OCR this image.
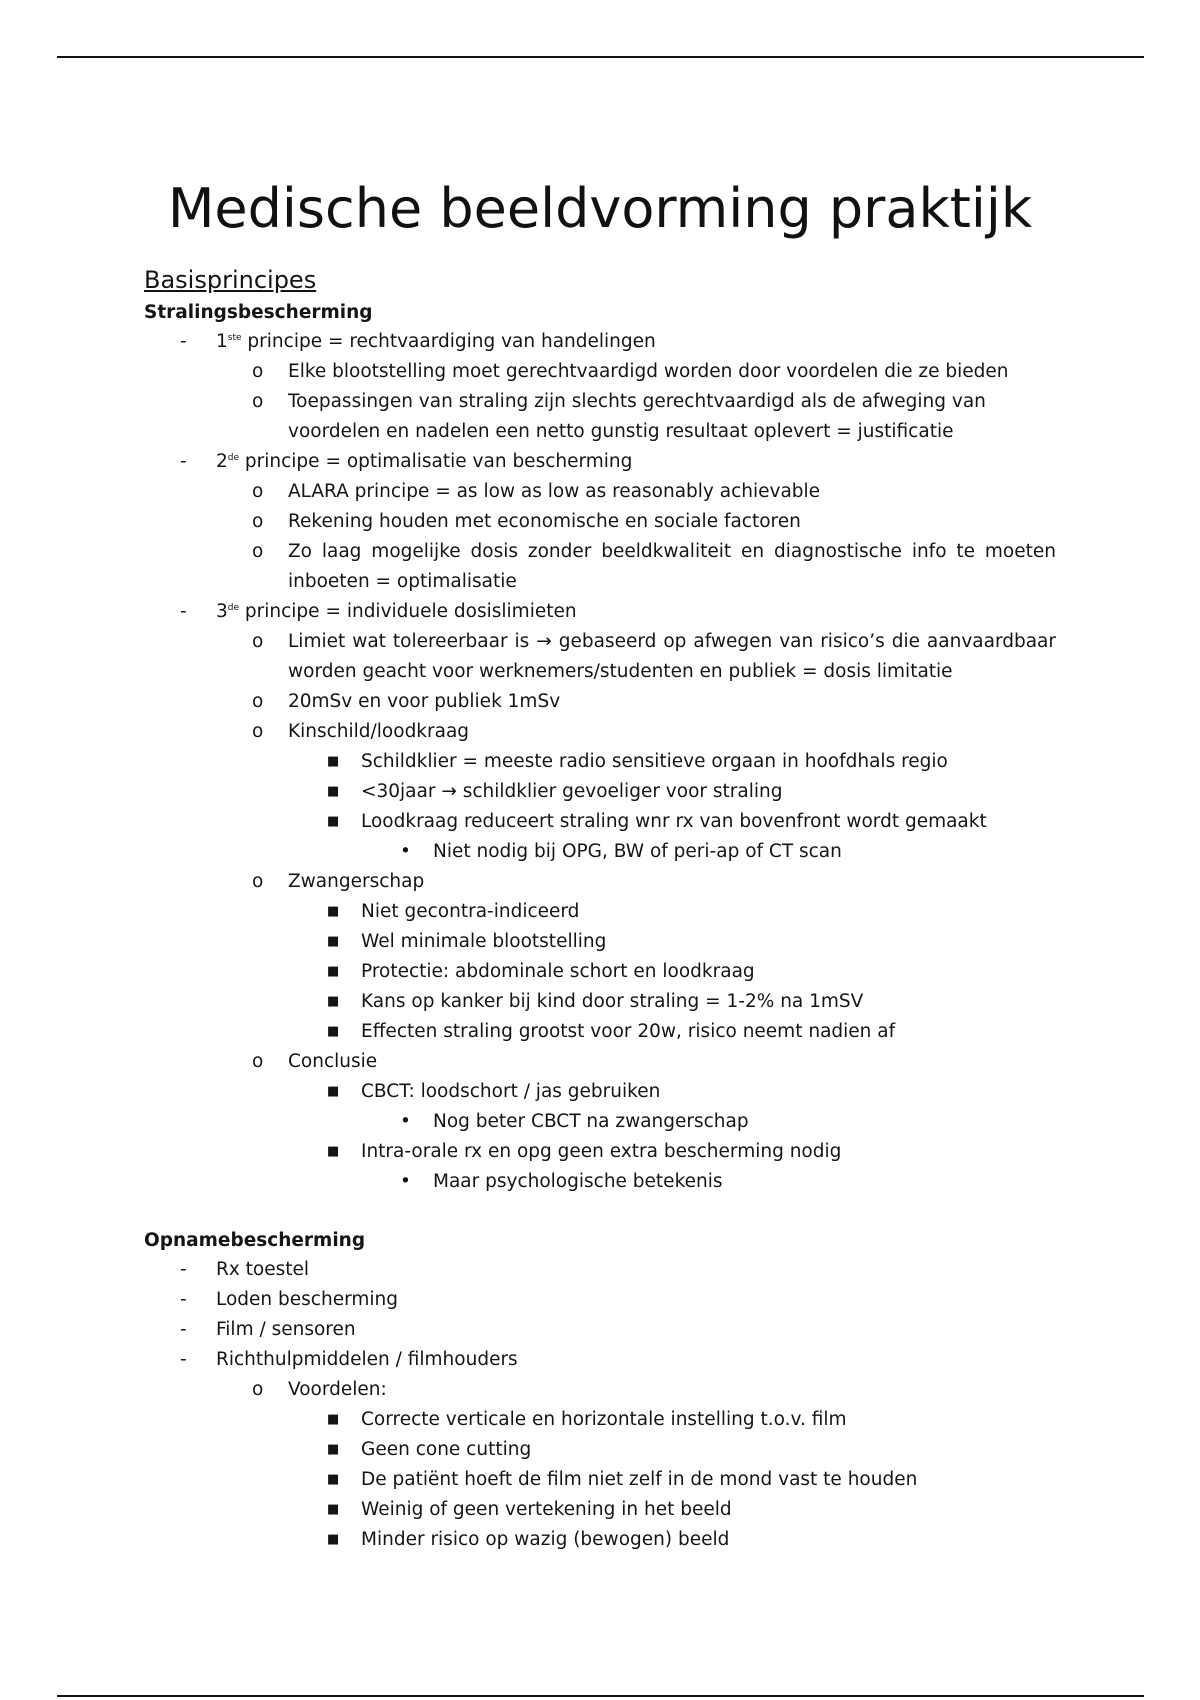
Medische beeldvorming praktijk
Basisprincipes
Stralingsbescherming
- 1ste principe = rechtvaardiging van handelingen
o Elke blootstelling moet gerechtvaardigd worden door voordelen die ze bieden
o Toepassingen van straling zijn slechts gerechtvaardigd als de afweging van voordelen en nadelen een netto gunstig resultaat oplevert = justificatie
- 2de principe = optimalisatie van bescherming
o ALARA principe = as low as low as reasonably achievable
o Rekening houden met economische en sociale factoren
o Zo laag mogelijke dosis zonder beeldkwaliteit en diagnostische info te moeten inboeten = optimalisatie
- 3de principe = individuele dosislimieten
o Limiet wat tolereerbaar is → gebaseerd op afwegen van risico’s die aanvaardbaar worden geacht voor werknemers/studenten en publiek = dosis limitatie
o 20mSv en voor publiek 1mSv
o Kinschild/loodkraag
■ Schildklier = meeste radio sensitieve orgaan in hoofdhals regio
■ <30jaar → schildklier gevoeliger voor straling
■ Loodkraag reduceert straling wnr rx van bovenfront wordt gemaakt
• Niet nodig bij OPG, BW of peri-ap of CT scan
o Zwangerschap
■ Niet gecontra-indiceerd
■ Wel minimale blootstelling
■ Protectie: abdominale schort en loodkraag
■ Kans op kanker bij kind door straling = 1-2% na 1mSV
■ Effecten straling grootst voor 20w, risico neemt nadien af
o Conclusie
■ CBCT: loodschort / jas gebruiken
• Nog beter CBCT na zwangerschap
■ Intra-orale rx en opg geen extra bescherming nodig
• Maar psychologische betekenis
Opnamebescherming
- Rx toestel
- Loden bescherming
- Film / sensoren
- Richthulpmiddelen / filmhouders
o Voordelen:
■ Correcte verticale en horizontale instelling t.o.v. film
■ Geen cone cutting
■ De patiënt hoeft de film niet zelf in de mond vast te houden
■ Weinig of geen vertekening in het beeld
■ Minder risico op wazig (bewogen) beeld
